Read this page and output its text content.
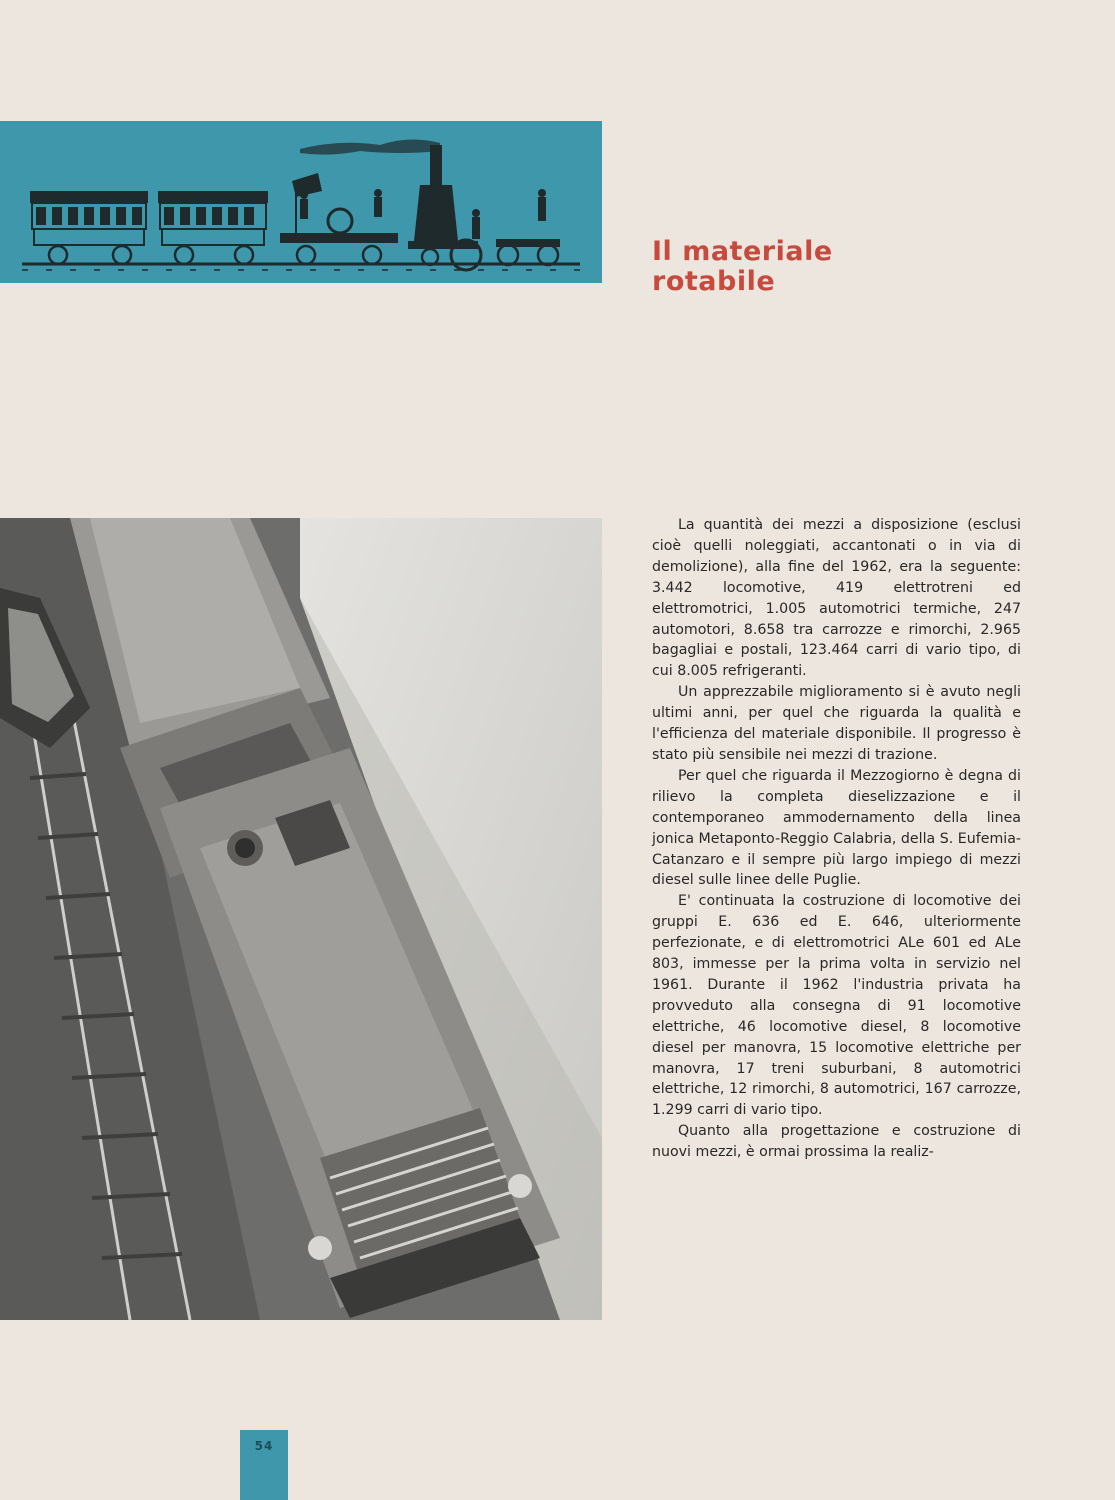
Il materiale
rotabile

La quantità dei mezzi a disposizione (esclusi cioè quelli noleggiati, accantonati o in via di demolizione), alla fine del 1962, era la seguente: 3.442 locomotive, 419 elettrotreni ed elettromotrici, 1.005 automotrici termiche, 247 automotori, 8.658 tra carrozze e rimorchi, 2.965 bagagliai e postali, 123.464 carri di vario tipo, di cui 8.005 refrigeranti.

Un apprezzabile miglioramento si è avuto negli ultimi anni, per quel che riguarda la qualità e l'efficienza del materiale disponibile. Il progresso è stato più sensibile nei mezzi di trazione.

Per quel che riguarda il Mezzogiorno è degna di rilievo la completa dieselizzazione e il contemporaneo ammodernamento della linea jonica Metaponto-Reggio Calabria, della S. Eufemia-Catanzaro e il sempre più largo impiego di mezzi diesel sulle linee delle Puglie.

E' continuata la costruzione di locomotive dei gruppi E. 636 ed E. 646, ulteriormente perfezionate, e di elettromotrici ALe 601 ed ALe 803, immesse per la prima volta in servizio nel 1961. Durante il 1962 l'industria privata ha provveduto alla consegna di 91 locomotive elettriche, 46 locomotive diesel, 8 locomotive diesel per manovra, 15 locomotive elettriche per manovra, 17 treni suburbani, 8 automotrici elettriche, 12 rimorchi, 8 automotrici, 167 carrozze, 1.299 carri di vario tipo.

Quanto alla progettazione e costruzione di nuovi mezzi, è ormai prossima la realiz-

54
